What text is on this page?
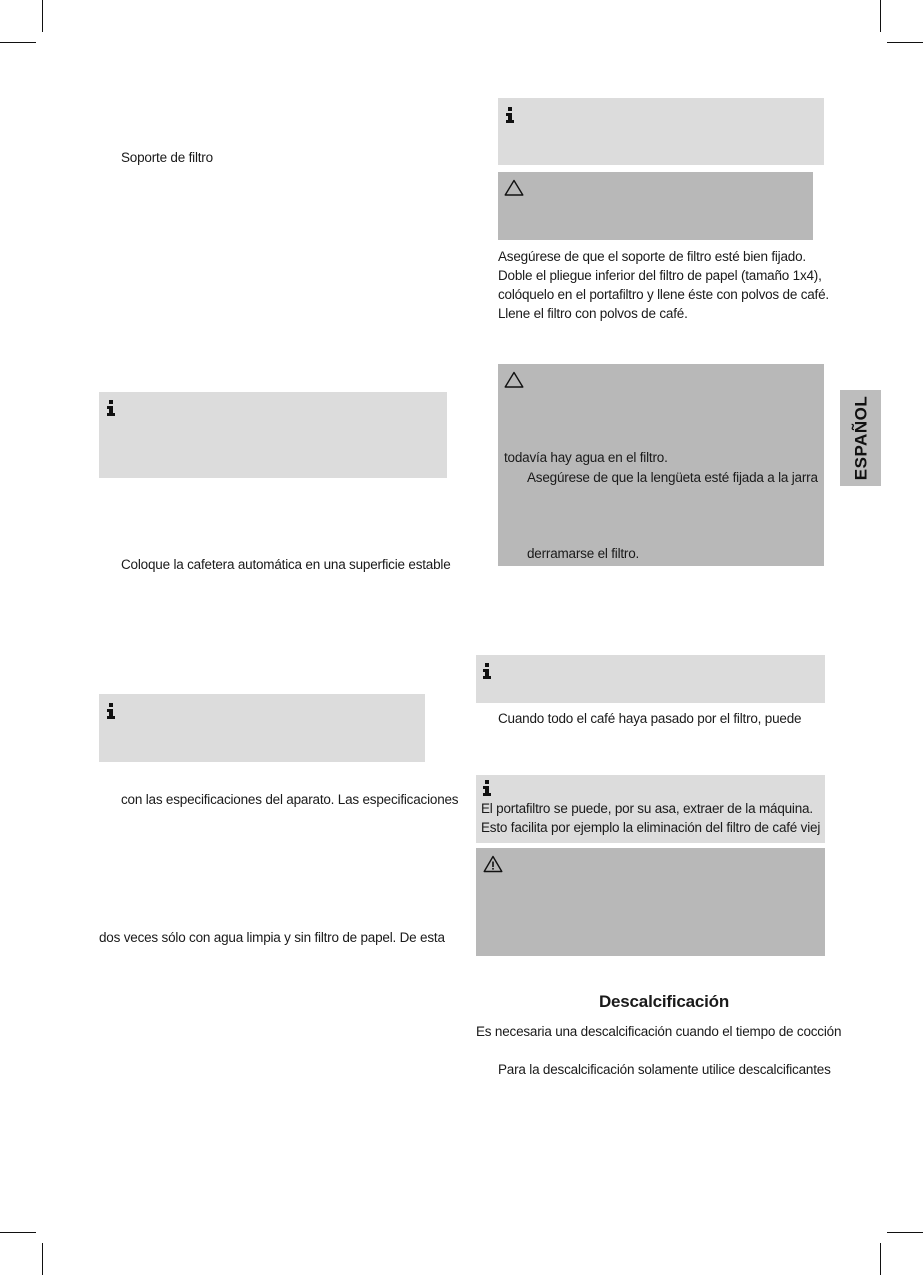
ESPAÑOL
Soporte de filtro
Coloque la cafetera automática en una superficie estable
con las especificaciones del aparato. Las especificaciones
dos veces sólo con agua limpia y sin filtro de papel. De esta
Asegúrese de que el soporte de filtro esté bien fijado.
Doble el pliegue inferior del filtro de papel (tamaño 1x4),
colóquelo en el portafiltro y llene éste con polvos de café.
Llene el filtro con polvos de café.
todavía hay agua en el filtro.
Asegúrese de que la lengüeta esté fijada a la jarra
derramarse el filtro.
Cuando todo el café haya pasado por el filtro, puede
El portafiltro se puede, por su asa, extraer de la máquina.
Esto facilita por ejemplo la eliminación del filtro de café viej
Descalcificación
Es necesaria una descalcificación cuando el tiempo de cocción
Para la descalcificación solamente utilice descalcificantes
